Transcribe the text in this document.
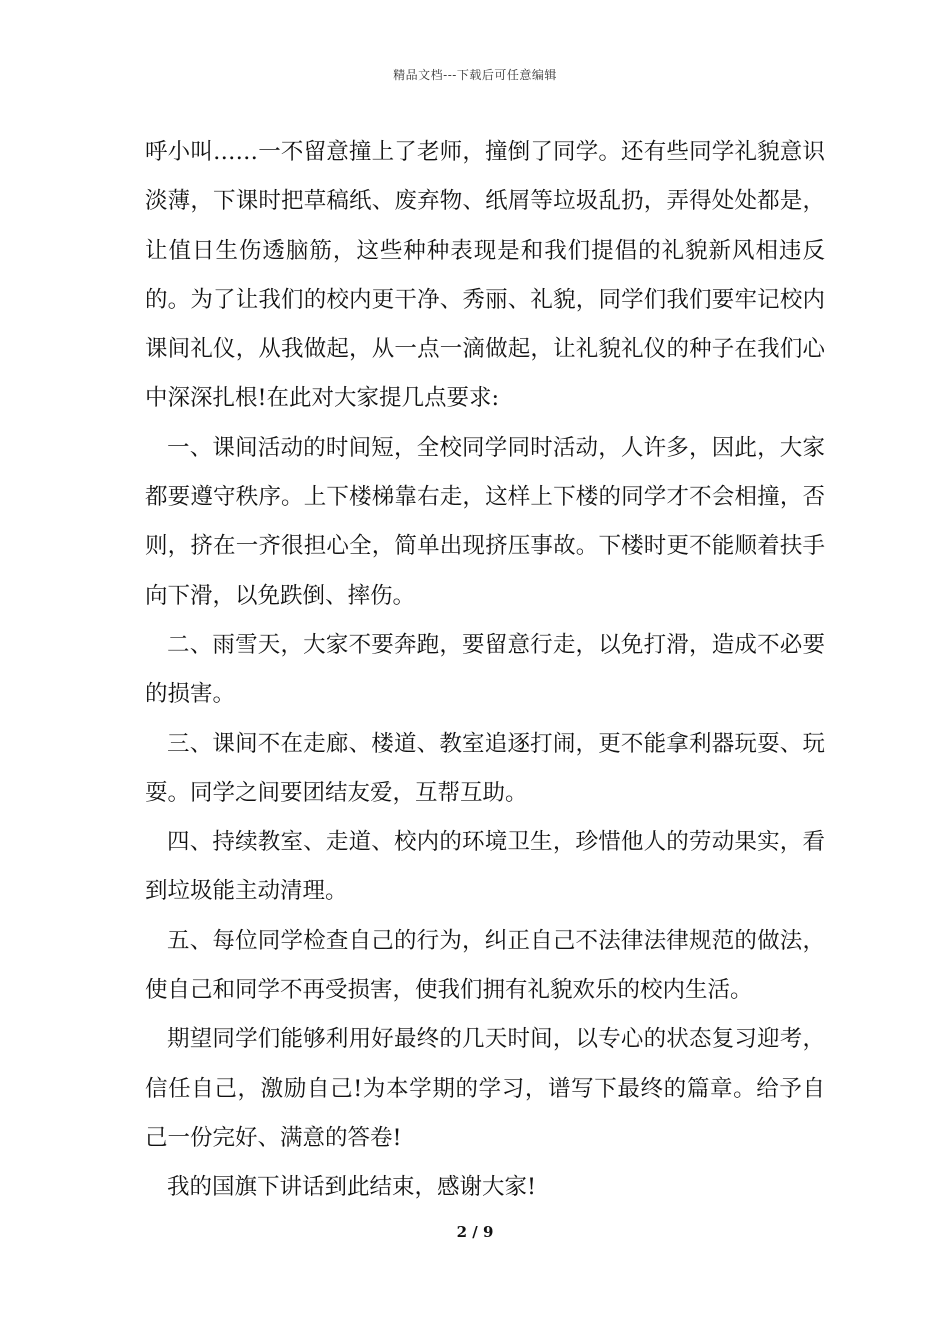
精品文档---下载后可任意编辑

呼小叫……一不留意撞上了老师，撞倒了同学。还有些同学礼貌意识淡薄，下课时把草稿纸、废弃物、纸屑等垃圾乱扔，弄得处处都是，让值日生伤透脑筋，这些种种表现是和我们提倡的礼貌新风相违反的。为了让我们的校内更干净、秀丽、礼貌，同学们我们要牢记校内课间礼仪，从我做起，从一点一滴做起，让礼貌礼仪的种子在我们心中深深扎根!在此对大家提几点要求:

一、课间活动的时间短，全校同学同时活动，人许多，因此，大家都要遵守秩序。上下楼梯靠右走，这样上下楼的同学才不会相撞，否则，挤在一齐很担心全，简单出现挤压事故。下楼时更不能顺着扶手向下滑，以免跌倒、摔伤。

二、雨雪天，大家不要奔跑，要留意行走，以免打滑，造成不必要的损害。

三、课间不在走廊、楼道、教室追逐打闹，更不能拿利器玩耍、玩耍。同学之间要团结友爱，互帮互助。

四、持续教室、走道、校内的环境卫生，珍惜他人的劳动果实，看到垃圾能主动清理。

五、每位同学检查自己的行为，纠正自己不法律法律规范的做法，使自己和同学不再受损害，使我们拥有礼貌欢乐的校内生活。

期望同学们能够利用好最终的几天时间，以专心的状态复习迎考，信任自己，激励自己!为本学期的学习，谱写下最终的篇章。给予自己一份完好、满意的答卷!

我的国旗下讲话到此结束，感谢大家!

2 / 9
